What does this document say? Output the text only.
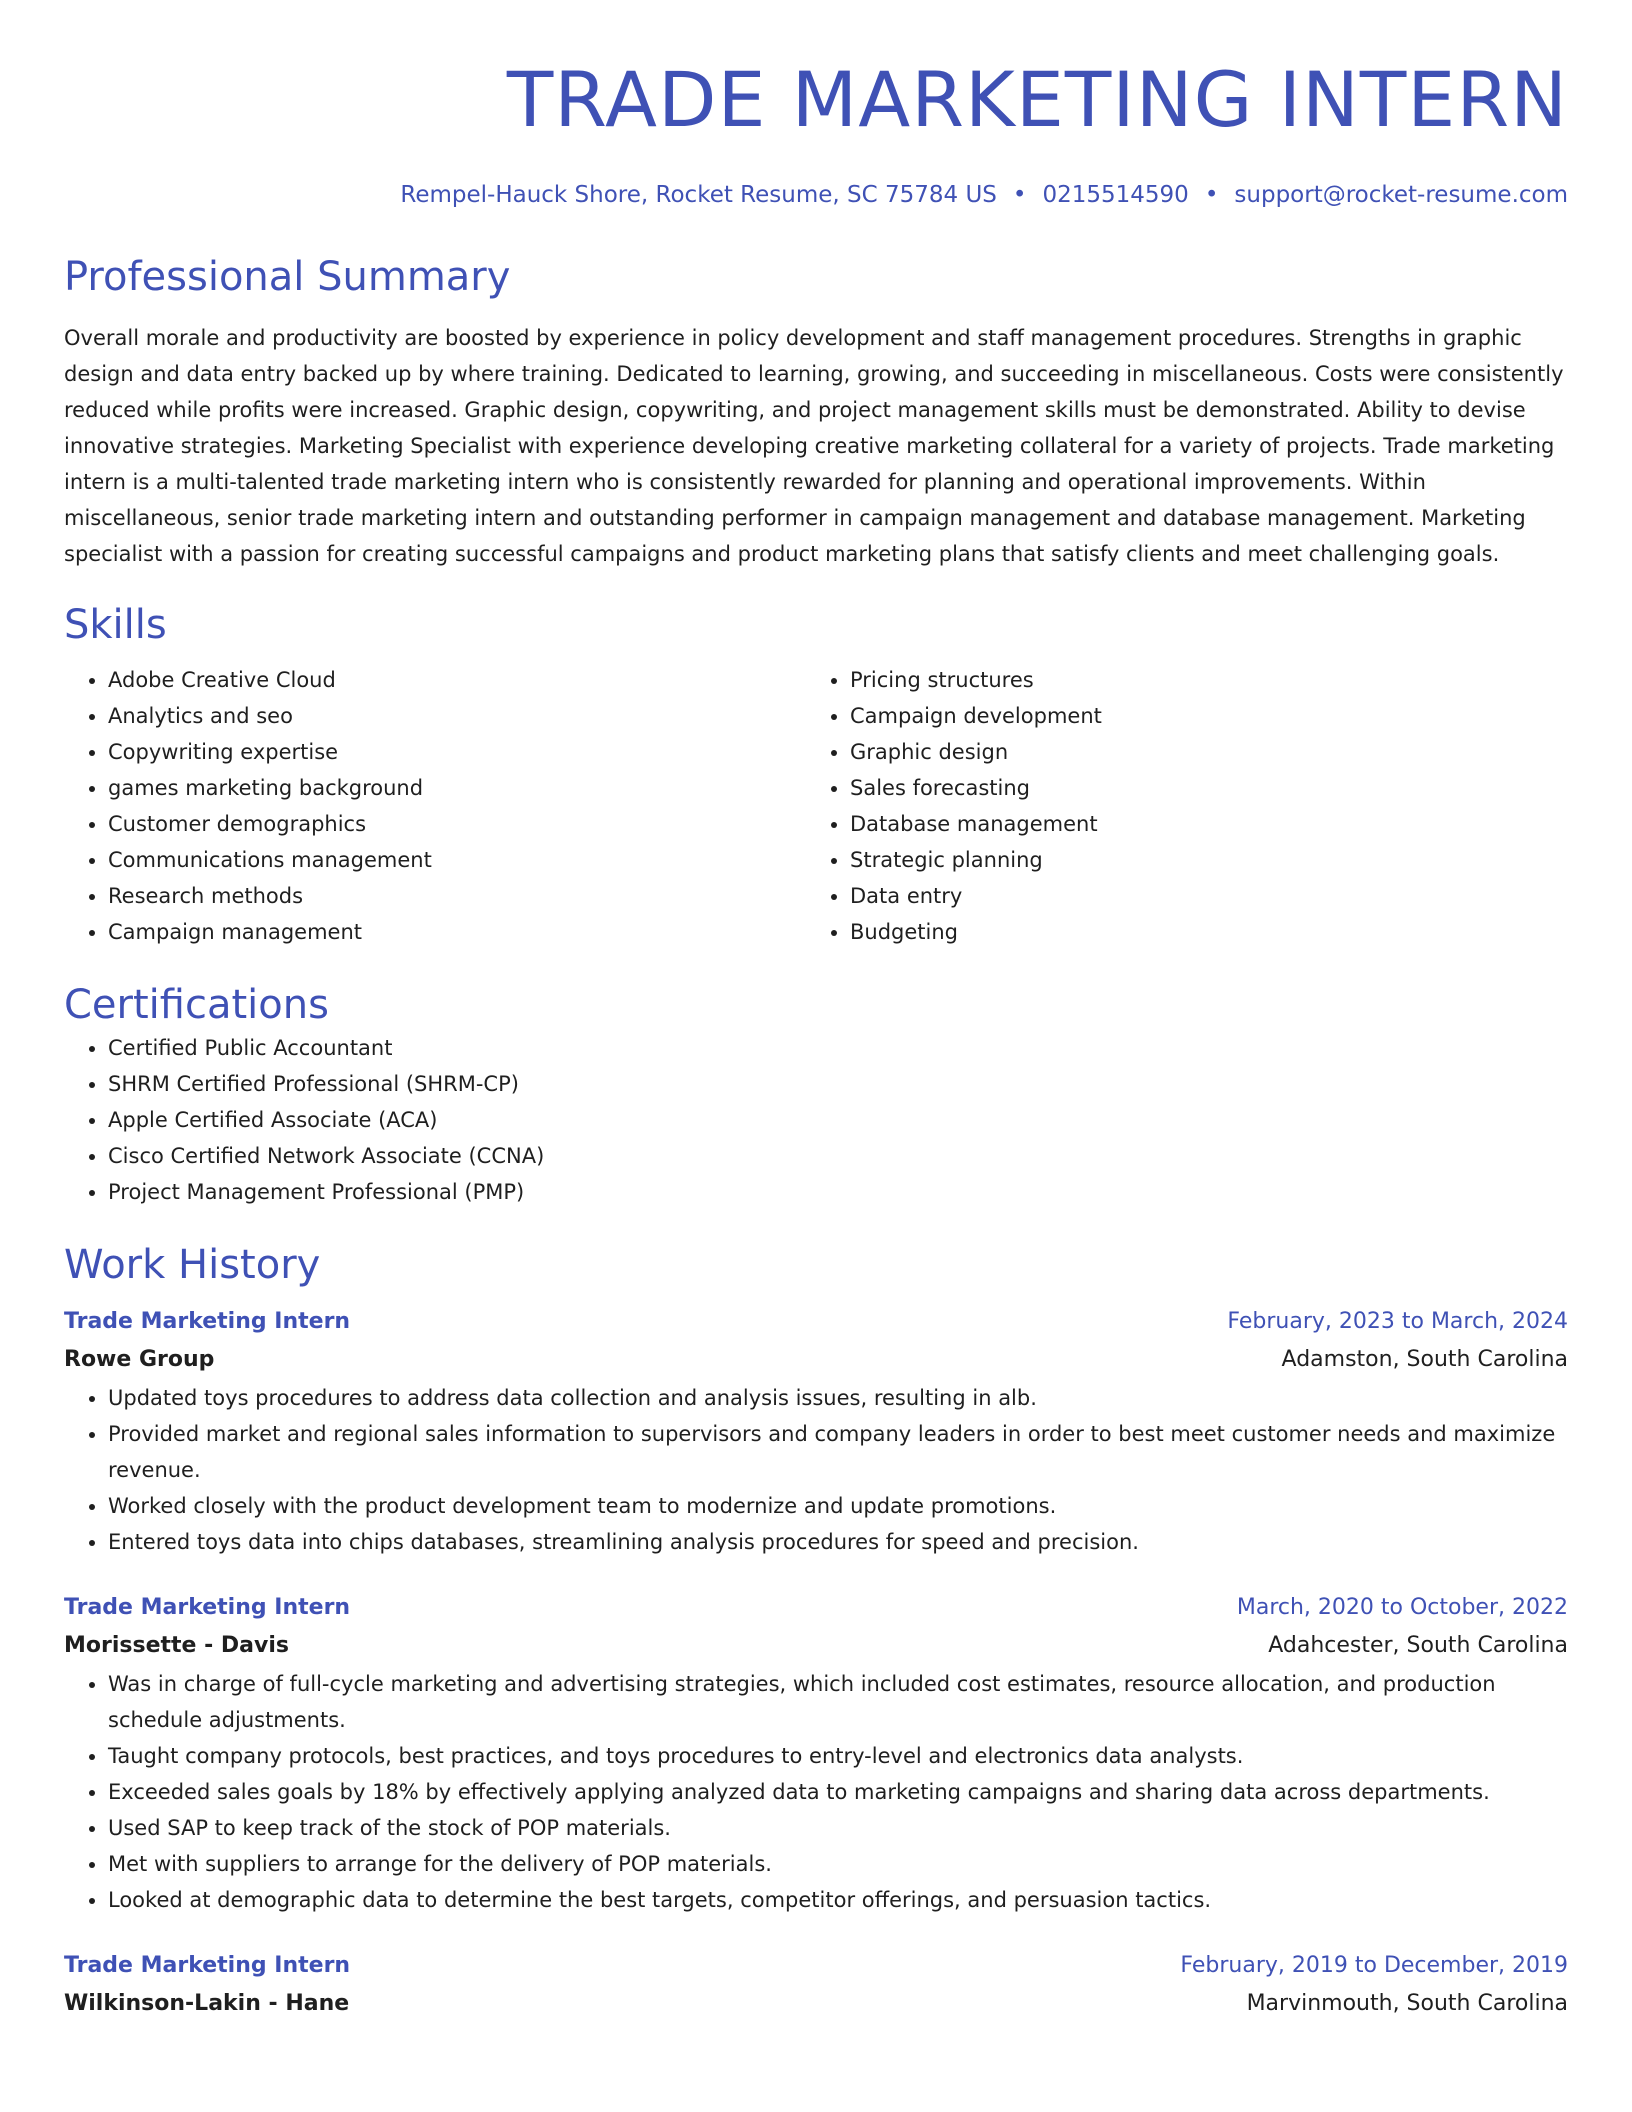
TRADE MARKETING INTERN
Rempel-Hauck Shore, Rocket Resume, SC 75784 US • 0215514590 • support@rocket-resume.com
Professional Summary
Overall morale and productivity are boosted by experience in policy development and staff management procedures. Strengths in graphic design and data entry backed up by where training. Dedicated to learning, growing, and succeeding in miscellaneous. Costs were consistently reduced while profits were increased. Graphic design, copywriting, and project management skills must be demonstrated. Ability to devise innovative strategies. Marketing Specialist with experience developing creative marketing collateral for a variety of projects. Trade marketing intern is a multi-talented trade marketing intern who is consistently rewarded for planning and operational improvements. Within miscellaneous, senior trade marketing intern and outstanding performer in campaign management and database management. Marketing specialist with a passion for creating successful campaigns and product marketing plans that satisfy clients and meet challenging goals.
Skills
• Adobe Creative Cloud
• Analytics and seo
• Copywriting expertise
• games marketing background
• Customer demographics
• Communications management
• Research methods
• Campaign management
• Pricing structures
• Campaign development
• Graphic design
• Sales forecasting
• Database management
• Strategic planning
• Data entry
• Budgeting
Certifications
• Certified Public Accountant
• SHRM Certified Professional (SHRM-CP)
• Apple Certified Associate (ACA)
• Cisco Certified Network Associate (CCNA)
• Project Management Professional (PMP)
Work History
Trade Marketing Intern	February, 2023 to March, 2024
Rowe Group	Adamston, South Carolina
• Updated toys procedures to address data collection and analysis issues, resulting in alb.
• Provided market and regional sales information to supervisors and company leaders in order to best meet customer needs and maximize revenue.
• Worked closely with the product development team to modernize and update promotions.
• Entered toys data into chips databases, streamlining analysis procedures for speed and precision.
Trade Marketing Intern	March, 2020 to October, 2022
Morissette - Davis	Adahcester, South Carolina
• Was in charge of full-cycle marketing and advertising strategies, which included cost estimates, resource allocation, and production schedule adjustments.
• Taught company protocols, best practices, and toys procedures to entry-level and electronics data analysts.
• Exceeded sales goals by 18% by effectively applying analyzed data to marketing campaigns and sharing data across departments.
• Used SAP to keep track of the stock of POP materials.
• Met with suppliers to arrange for the delivery of POP materials.
• Looked at demographic data to determine the best targets, competitor offerings, and persuasion tactics.
Trade Marketing Intern	February, 2019 to December, 2019
Wilkinson-Lakin - Hane	Marvinmouth, South Carolina
